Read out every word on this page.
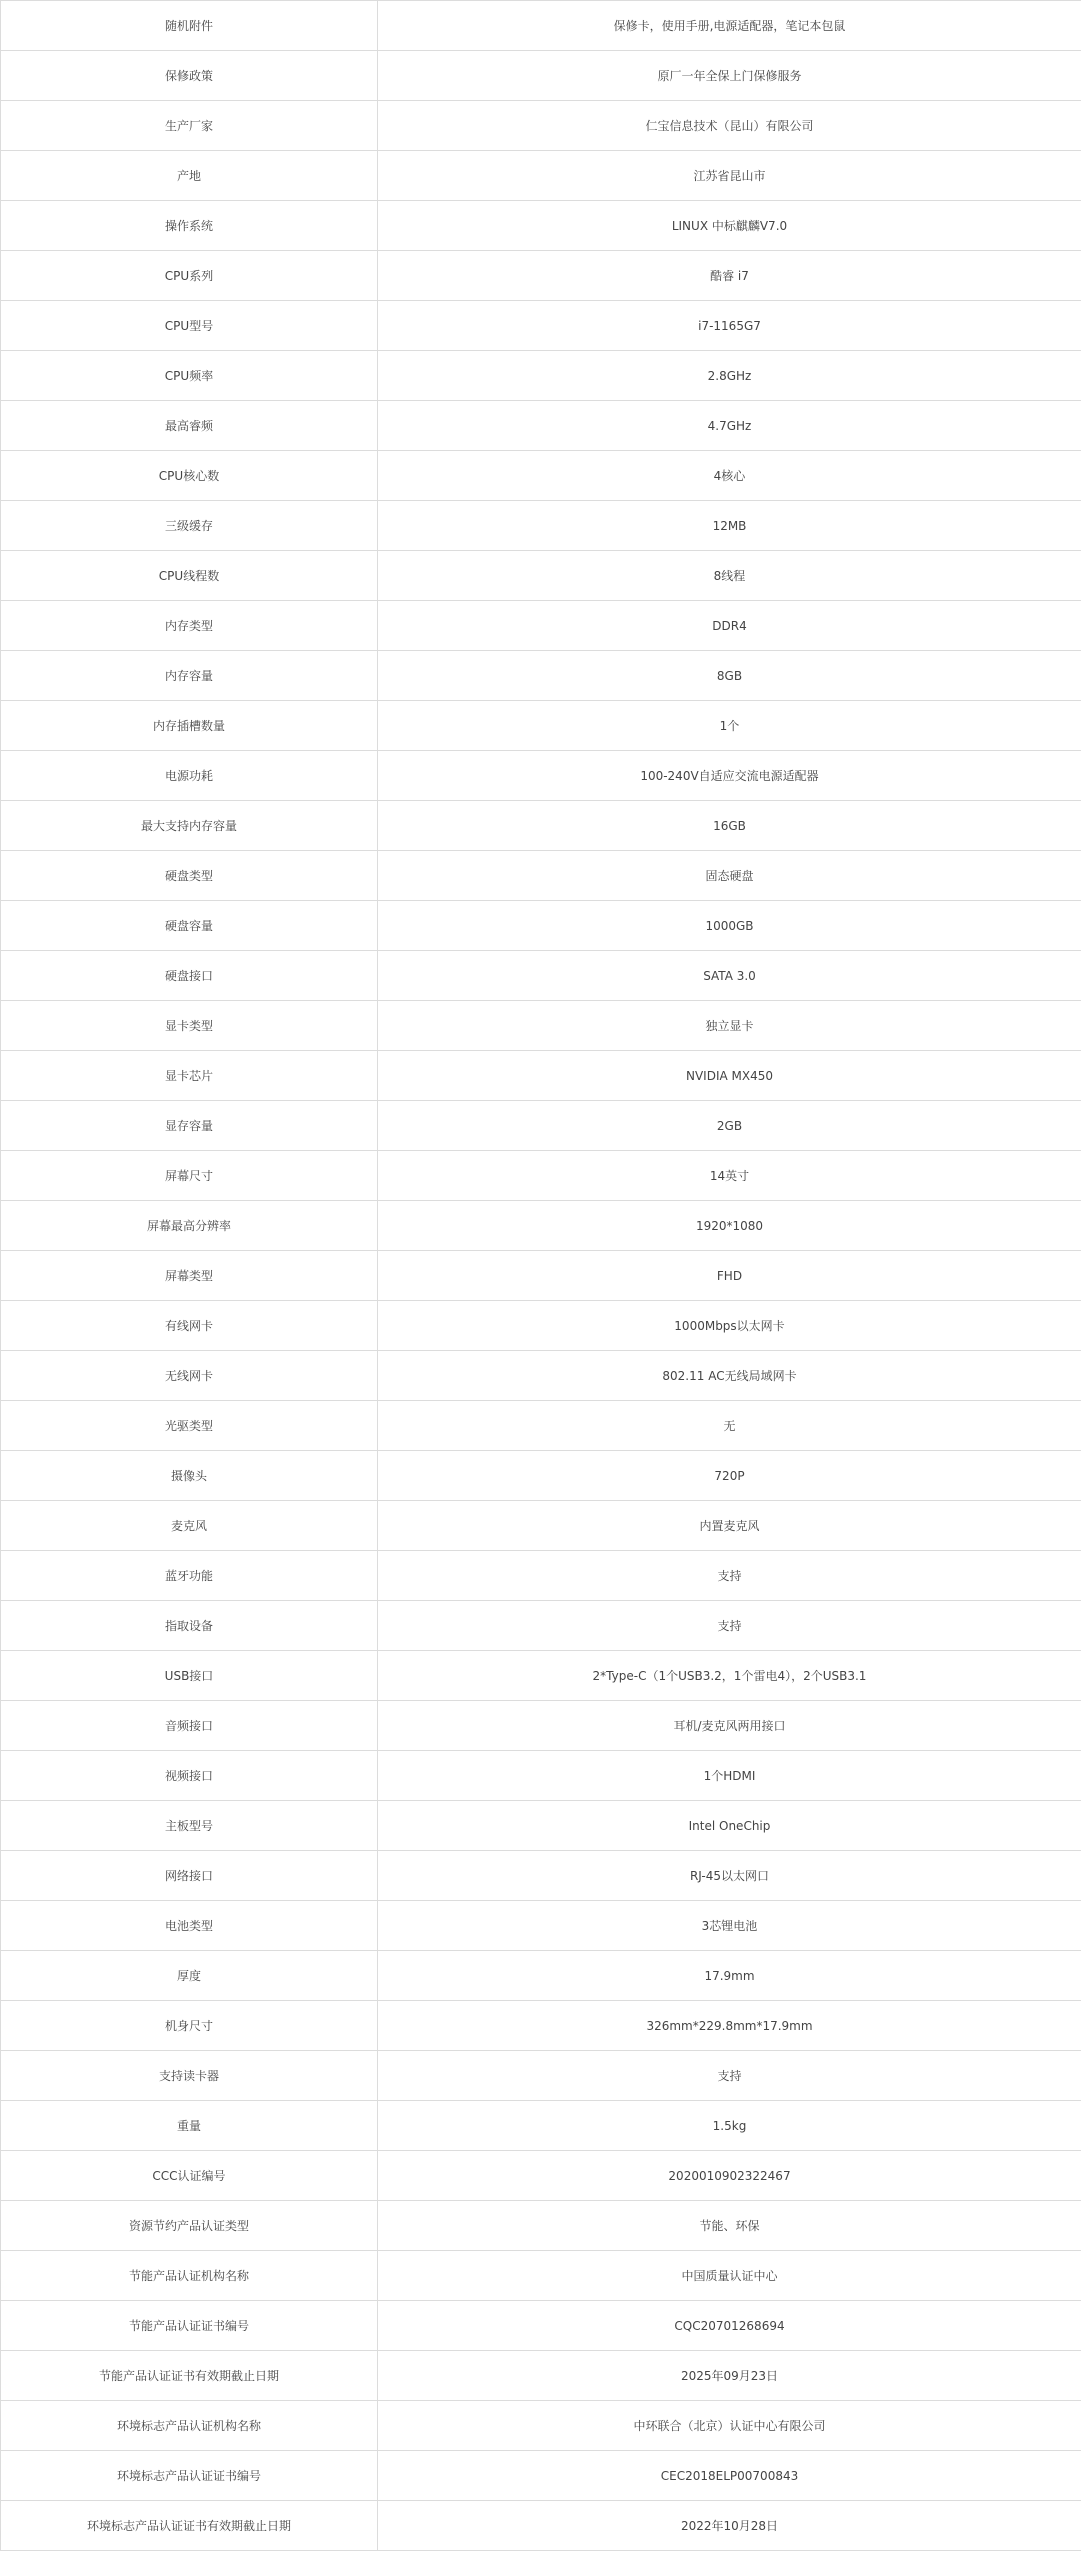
随机附件	保修卡，使用手册,电源适配器，笔记本包鼠
保修政策	原厂一年全保上门保修服务
生产厂家	仁宝信息技术（昆山）有限公司
产地	江苏省昆山市
操作系统	LINUX 中标麒麟V7.0
CPU系列	酷睿 i7
CPU型号	i7-1165G7
CPU频率	2.8GHz
最高睿频	4.7GHz
CPU核心数	4核心
三级缓存	12MB
CPU线程数	8线程
内存类型	DDR4
内存容量	8GB
内存插槽数量	1个
电源功耗	100-240V自适应交流电源适配器
最大支持内存容量	16GB
硬盘类型	固态硬盘
硬盘容量	1000GB
硬盘接口	SATA 3.0
显卡类型	独立显卡
显卡芯片	NVIDIA MX450
显存容量	2GB
屏幕尺寸	14英寸
屏幕最高分辨率	1920*1080
屏幕类型	FHD
有线网卡	1000Mbps以太网卡
无线网卡	802.11 AC无线局域网卡
光驱类型	无
摄像头	720P
麦克风	内置麦克风
蓝牙功能	支持
指取设备	支持
USB接口	2*Type-C（1个USB3.2，1个雷电4），2个USB3.1
音频接口	耳机/麦克风两用接口
视频接口	1个HDMI
主板型号	Intel OneChip
网络接口	RJ-45以太网口
电池类型	3芯锂电池
厚度	17.9mm
机身尺寸	326mm*229.8mm*17.9mm
支持读卡器	支持
重量	1.5kg
CCC认证编号	2020010902322467
资源节约产品认证类型	节能、环保
节能产品认证机构名称	中国质量认证中心
节能产品认证证书编号	CQC20701268694
节能产品认证证书有效期截止日期	2025年09月23日
环境标志产品认证机构名称	中环联合（北京）认证中心有限公司
环境标志产品认证证书编号	CEC2018ELP00700843
环境标志产品认证证书有效期截止日期	2022年10月28日
